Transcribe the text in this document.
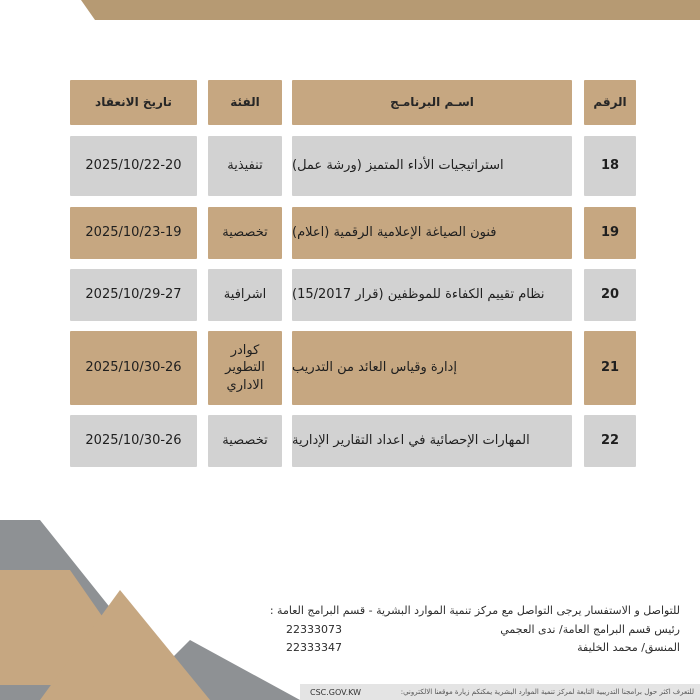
الرقم
اسـم البرنامـج
الفئة
تاريخ الانعقاد
18
استراتيجيات الأداء المتميز (ورشة عمل)
تنفيذية
2025/10/22-20
19
فنون الصياغة الإعلامية الرقمية (اعلام)
تخصصية
2025/10/23-19
20
نظام تقييم الكفاءة للموظفين (قرار 15/2017)
اشرافية
2025/10/29-27
21
إدارة وقياس العائد من التدريب
كوادر التطوير الاداري
2025/10/30-26
22
المهارات الإحصائية في اعداد التقارير الإدارية
تخصصية
2025/10/30-26
للتواصل و الاستفسار يرجى التواصل مع مركز تنمية الموارد البشرية - قسم البرامج العامة :
رئيس قسم البرامج العامة/ ندى العجمي
22333073
المنسق/ محمد الخليفة
22333347
CSC.GOV.KW	للتعرف اكثر حول برامجنا التدريبية التابعة لمركز تنمية الموارد البشرية يمكنكم زيارة موقعنا الالكتروني:
